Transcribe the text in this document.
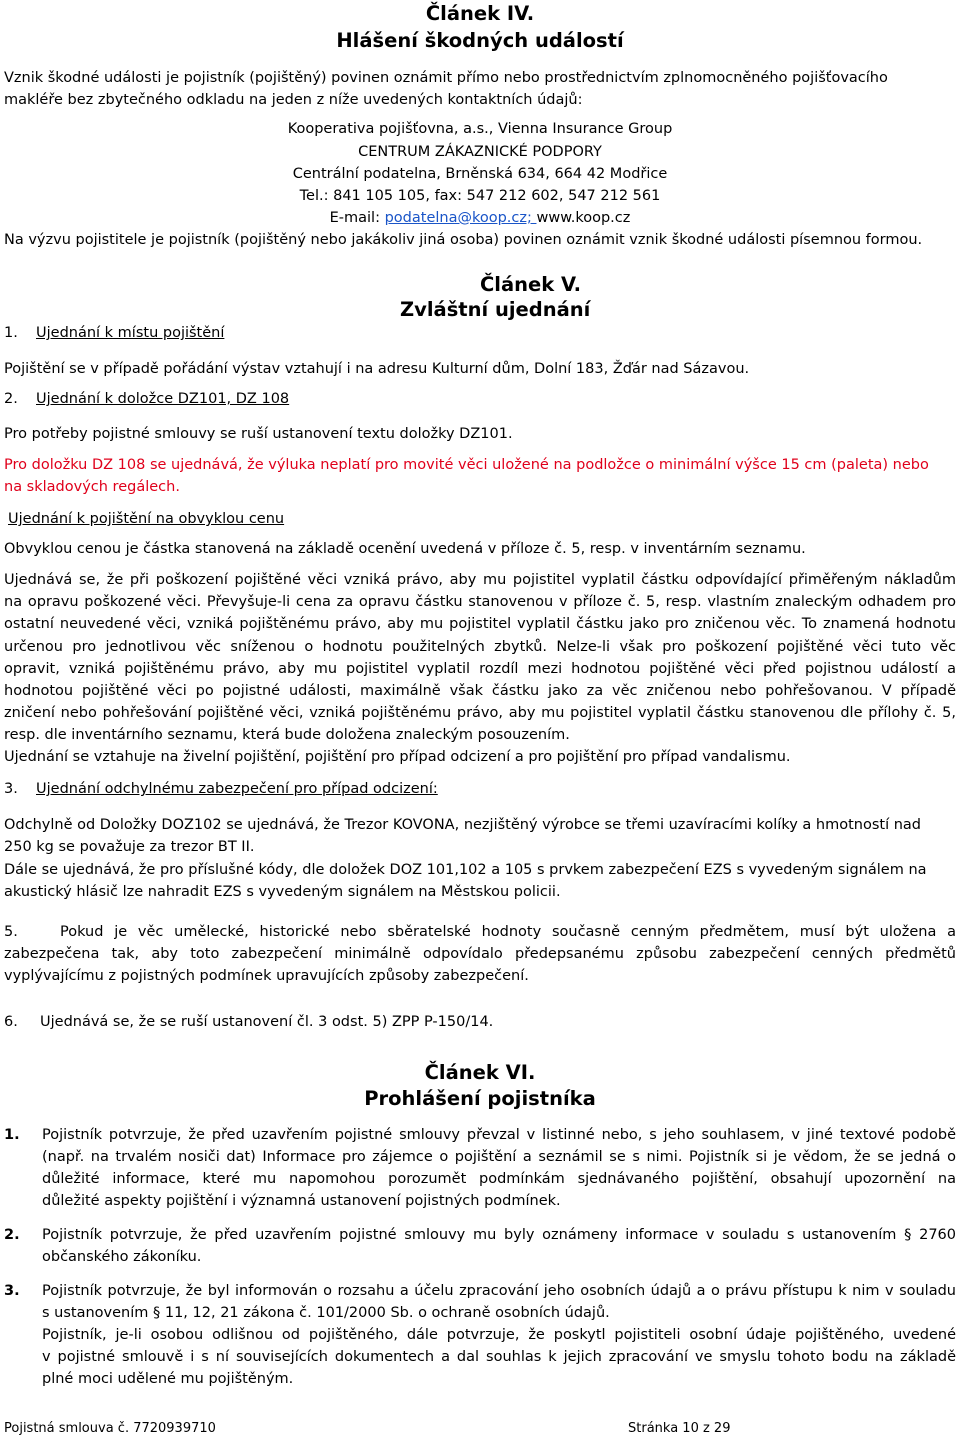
Článek IV.
Hlášení škodných událostí
Vznik škodné události je pojistník (pojištěný) povinen oznámit přímo nebo prostřednictvím zplnomocněného pojišťovacího
makléře bez zbytečného odkladu na jeden z níže uvedených kontaktních údajů:
Kooperativa pojišťovna, a.s., Vienna Insurance Group
CENTRUM ZÁKAZNICKÉ PODPORY
Centrální podatelna, Brněnská 634, 664 42 Modřice
Tel.: 841 105 105, fax: 547 212 602, 547 212 561
E-mail: podatelna@koop.cz; www.koop.cz
Na výzvu pojistitele je pojistník (pojištěný nebo jakákoliv jiná osoba) povinen oznámit vznik škodné události písemnou formou.
Článek V.
Zvláštní ujednání
1. Ujednání k místu pojištění
Pojištění se v případě pořádání výstav vztahují i na adresu Kulturní dům, Dolní 183, Žďár nad Sázavou.
2. Ujednání k doložce DZ101, DZ 108
Pro potřeby pojistné smlouvy se ruší ustanovení textu doložky DZ101.
Pro doložku DZ 108 se ujednává, že výluka neplatí pro movité věci uložené na podložce o minimální výšce 15 cm (paleta) nebo
na skladových regálech.
Ujednání k pojištění na obvyklou cenu
Obvyklou cenou je částka stanovená na základě ocenění uvedená v příloze č. 5, resp. v inventárním seznamu.
Ujednává se, že při poškození pojištěné věci vzniká právo, aby mu pojistitel vyplatil částku odpovídající přiměřeným nákladům
na opravu poškozené věci. Převyšuje-li cena za opravu částku stanovenou v příloze č. 5, resp. vlastním znaleckým odhadem pro
ostatní neuvedené věci, vzniká pojištěnému právo, aby mu pojistitel vyplatil částku jako pro zničenou věc. To znamená hodnotu
určenou pro jednotlivou věc sníženou o hodnotu použitelných zbytků. Nelze-li však pro poškození pojištěné věci tuto věc
opravit, vzniká pojištěnému právo, aby mu pojistitel vyplatil rozdíl mezi hodnotou pojištěné věci před pojistnou událostí a
hodnotou pojištěné věci po pojistné události, maximálně však částku jako za věc zničenou nebo pohřešovanou. V případě
zničení nebo pohřešování pojištěné věci, vzniká pojištěnému právo, aby mu pojistitel vyplatil částku stanovenou dle přílohy č. 5,
resp. dle inventárního seznamu, která bude doložena znaleckým posouzením.
Ujednání se vztahuje na živelní pojištění, pojištění pro případ odcizení a pro pojištění pro případ vandalismu.
3. Ujednání odchylnému zabezpečení pro případ odcizení:
Odchylně od Doložky DOZ102 se ujednává, že Trezor KOVONA, nezjištěný výrobce se třemi uzavíracími kolíky a hmotností nad
250 kg se považuje za trezor BT II.
Dále se ujednává, že pro příslušné kódy, dle doložek DOZ 101,102 a 105 s prvkem zabezpečení EZS s vyvedeným signálem na
akustický hlásič lze nahradit EZS s vyvedeným signálem na Městskou policii.
5.	Pokud je věc umělecké, historické nebo sběratelské hodnoty současně cenným předmětem, musí být uložena a
zabezpečena tak, aby toto zabezpečení minimálně odpovídalo předepsanému způsobu zabezpečení cenných předmětů
vyplývajícímu z pojistných podmínek upravujících způsoby zabezpečení.
6. Ujednává se, že se ruší ustanovení čl. 3 odst. 5) ZPP P-150/14.
Článek VI.
Prohlášení pojistníka
1. Pojistník potvrzuje, že před uzavřením pojistné smlouvy převzal v listinné nebo, s jeho souhlasem, v jiné textové podobě
(např. na trvalém nosiči dat) Informace pro zájemce o pojištění a seznámil se s nimi. Pojistník si je vědom, že se jedná o
důležité informace, které mu napomohou porozumět podmínkám sjednávaného pojištění, obsahují upozornění na
důležité aspekty pojištění i významná ustanovení pojistných podmínek.
2. Pojistník potvrzuje, že před uzavřením pojistné smlouvy mu byly oznámeny informace v souladu s ustanovením § 2760
občanského zákoníku.
3. Pojistník potvrzuje, že byl informován o rozsahu a účelu zpracování jeho osobních údajů a o právu přístupu k nim v souladu
s ustanovením § 11, 12, 21 zákona č. 101/2000 Sb. o ochraně osobních údajů.
Pojistník, je-li osobou odlišnou od pojištěného, dále potvrzuje, že poskytl pojistiteli osobní údaje pojištěného, uvedené
v pojistné smlouvě i s ní souvisejících dokumentech a dal souhlas k jejich zpracování ve smyslu tohoto bodu na základě
plné moci udělené mu pojištěným.
Pojistná smlouva č. 7720939710	Stránka 10 z 29
